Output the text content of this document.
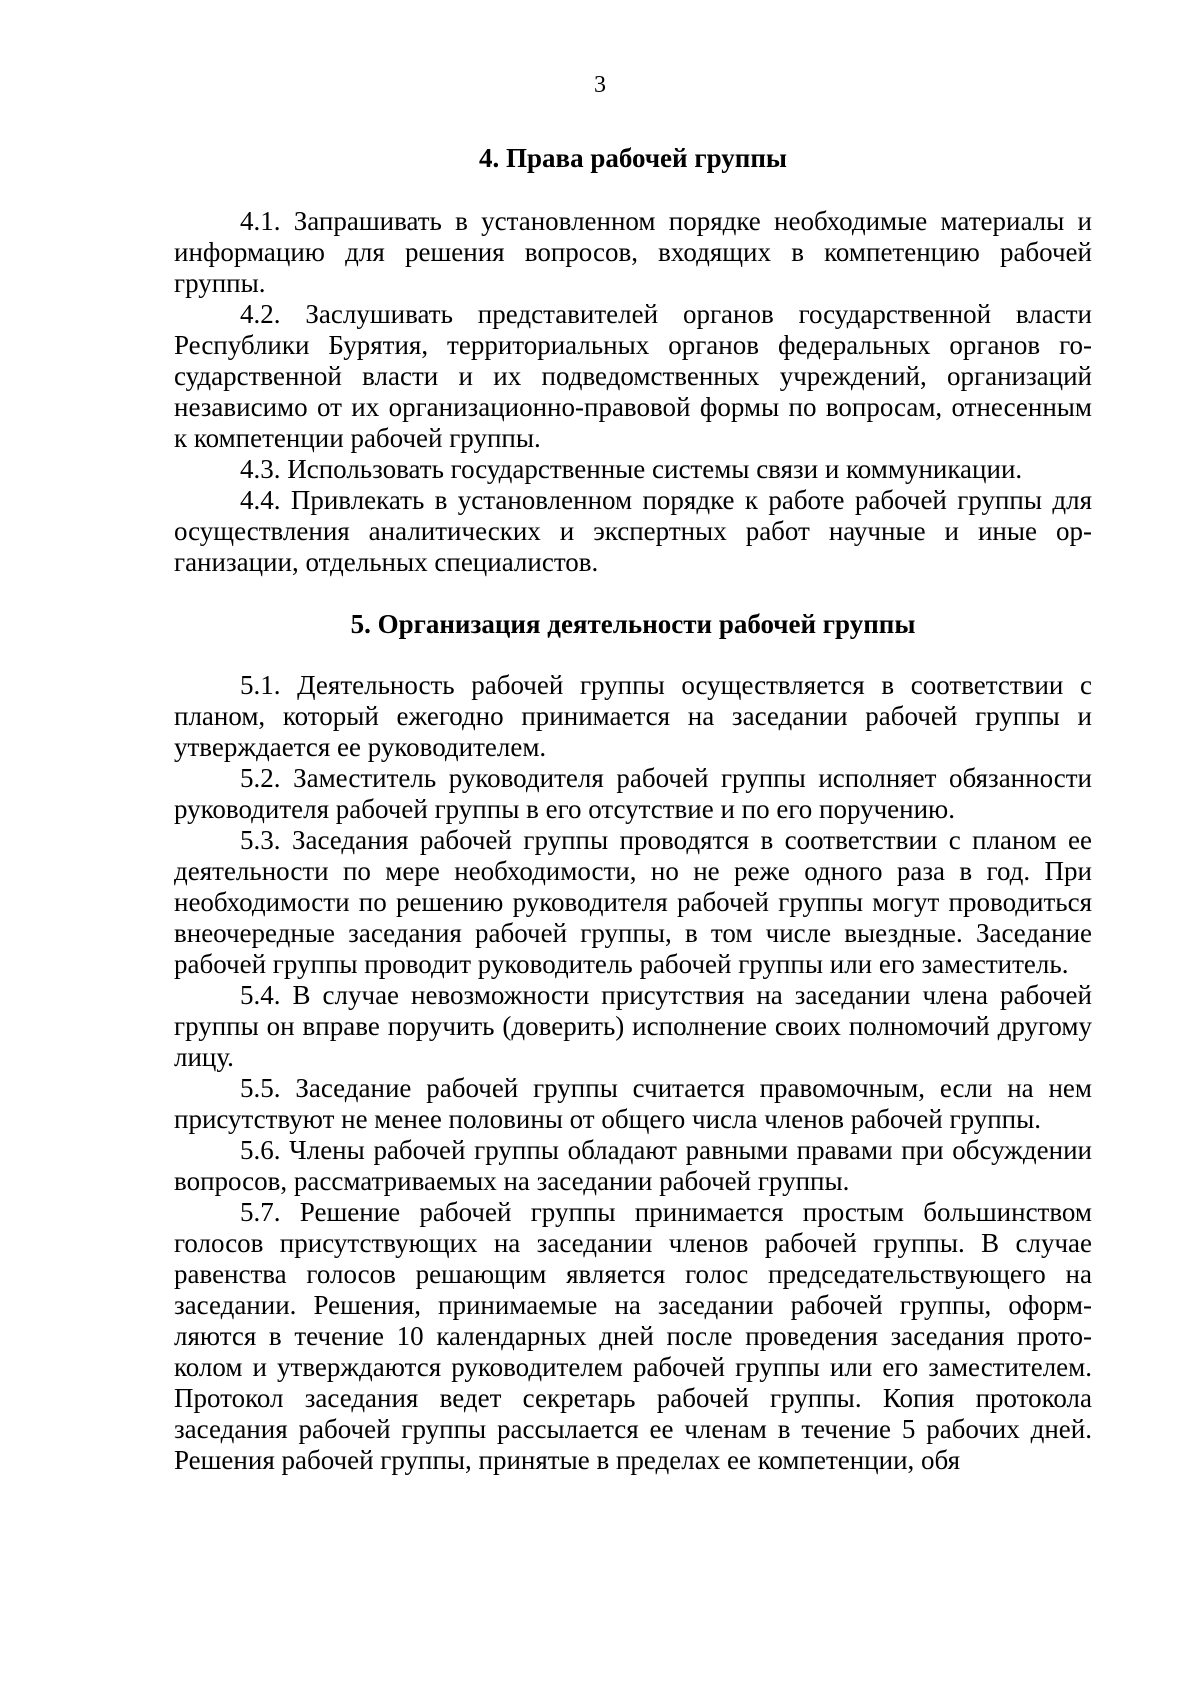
3
4. Права рабочей группы

4.1. Запрашивать в установленном порядке необходимые материалы и информацию для решения вопросов, входящих в компетенцию рабочей группы.

4.2. Заслушивать представителей органов государственной власти Республики Бурятия, территориальных органов федеральных органов государственной власти и их подведомственных учреждений, организаций независимо от их организационно-правовой формы по вопросам, отнесенным к компетенции рабочей группы.

4.3. Использовать государственные системы связи и коммуникации.

4.4. Привлекать в установленном порядке к работе рабочей группы для осуществления аналитических и экспертных работ научные и иные организации, отдельных специалистов.

5. Организация деятельности рабочей группы

5.1. Деятельность рабочей группы осуществляется в соответствии с планом, который ежегодно принимается на заседании рабочей группы и утверждается ее руководителем.

5.2. Заместитель руководителя рабочей группы исполняет обязанности руководителя рабочей группы в его отсутствие и по его поручению.

5.3. Заседания рабочей группы проводятся в соответствии с планом ее деятельности по мере необходимости, но не реже одного раза в год. При необходимости по решению руководителя рабочей группы могут проводиться внеочередные заседания рабочей группы, в том числе выездные. Заседание рабочей группы проводит руководитель рабочей группы или его заместитель.

5.4. В случае невозможности присутствия на заседании члена рабочей группы он вправе поручить (доверить) исполнение своих полномочий другому лицу.

5.5. Заседание рабочей группы считается правомочным, если на нем присутствуют не менее половины от общего числа членов рабочей группы.

5.6. Члены рабочей группы обладают равными правами при обсуждении вопросов, рассматриваемых на заседании рабочей группы.

5.7. Решение рабочей группы принимается простым большинством голосов присутствующих на заседании членов рабочей группы. В случае равенства голосов решающим является голос председательствующего на заседании. Решения, принимаемые на заседании рабочей группы, оформляются в течение 10 календарных дней после проведения заседания протоколом и утверждаются руководителем рабочей группы или его заместителем. Протокол заседания ведет секретарь рабочей группы. Копия протокола заседания рабочей группы рассылается ее членам в течение 5 рабочих дней. Решения рабочей группы, принятые в пределах ее компетенции, обя
